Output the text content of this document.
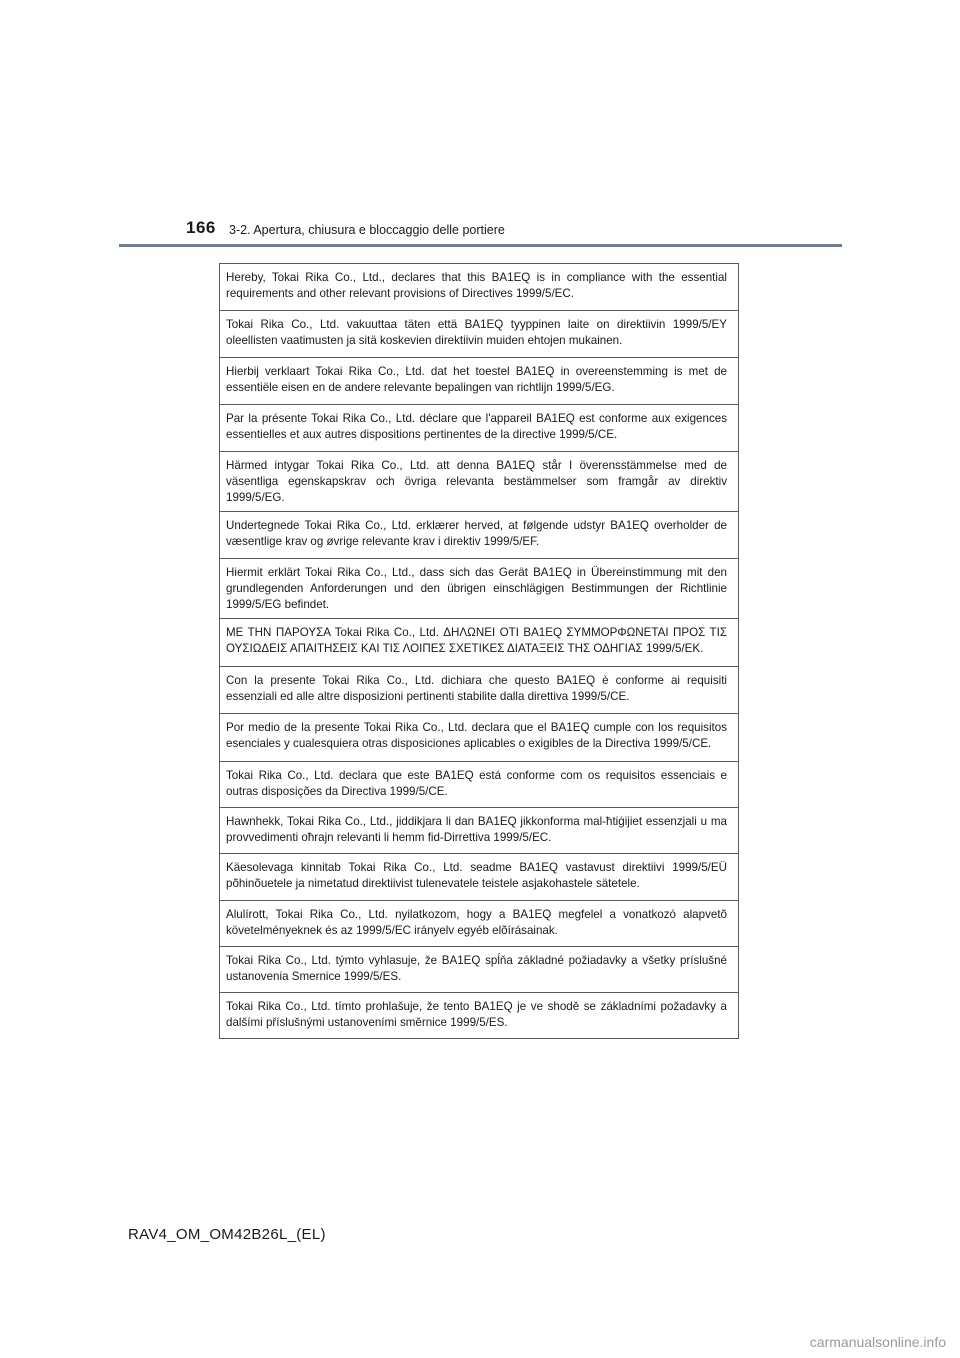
166 3-2. Apertura, chiusura e bloccaggio delle portiere
Hereby, Tokai Rika Co., Ltd., declares that this BA1EQ is in compliance with the essential requirements and other relevant provisions of Directives 1999/5/EC.
Tokai Rika Co., Ltd. vakuuttaa täten että BA1EQ tyyppinen laite on direktiivin 1999/5/EY oleellisten vaatimusten ja sitä koskevien direktiivin muiden ehtojen mukainen.
Hierbij verklaart Tokai Rika Co., Ltd. dat het toestel BA1EQ in overeenstemming is met de essentiële eisen en de andere relevante bepalingen van richtlijn 1999/5/EG.
Par la présente Tokai Rika Co., Ltd. déclare que l'appareil BA1EQ est conforme aux exigences essentielles et aux autres dispositions pertinentes de la directive 1999/5/CE.
Härmed intygar Tokai Rika Co., Ltd. att denna BA1EQ står I överensstämmelse med de väsentliga egenskapskrav och övriga relevanta bestämmelser som framgår av direktiv 1999/5/EG.
Undertegnede Tokai Rika Co., Ltd. erklærer herved, at følgende udstyr BA1EQ overholder de væsentlige krav og øvrige relevante krav i direktiv 1999/5/EF.
Hiermit erklärt Tokai Rika Co., Ltd., dass sich das Gerät BA1EQ in Übereinstimmung mit den grundlegenden Anforderungen und den übrigen einschlägigen Bestimmungen der Richtlinie 1999/5/EG befindet.
ΜΕ ΤΗΝ ΠΑΡΟΥΣΑ Tokai Rika Co., Ltd. ΔΗΛΩΝΕΙ ΟΤΙ BA1EQ ΣΥΜΜΟΡΦΩΝΕΤΑΙ ΠΡΟΣ ΤΙΣ ΟΥΣΙΩΔΕΙΣ ΑΠΑΙΤΗΣΕΙΣ ΚΑΙ ΤΙΣ ΛΟΙΠΕΣ ΣΧΕΤΙΚΕΣ ΔΙΑΤΑΞΕΙΣ ΤΗΣ ΟΔΗΓΙΑΣ 1999/5/ΕΚ.
Con la presente Tokai Rika Co., Ltd. dichiara che questo BA1EQ è conforme ai requisiti essenziali ed alle altre disposizioni pertinenti stabilite dalla direttiva 1999/5/CE.
Por medio de la presente Tokai Rika Co., Ltd. declara que el BA1EQ cumple con los requisitos esenciales y cualesquiera otras disposiciones aplicables o exigibles de la Directiva 1999/5/CE.
Tokai Rika Co., Ltd. declara que este BA1EQ está conforme com os requisitos essenciais e outras disposições da Directiva 1999/5/CE.
Hawnhekk, Tokai Rika Co., Ltd., jiddikjara li dan BA1EQ jikkonforma mal-ħtiġijiet essenzjali u ma provvedimenti oħrajn relevanti li hemm fid-Dirrettiva 1999/5/EC.
Käesolevaga kinnitab Tokai Rika Co., Ltd. seadme BA1EQ vastavust direktiivi 1999/5/EÜ põhinõuetele ja nimetatud direktiivist tulenevatele teistele asjakohastele sätetele.
Alulírott, Tokai Rika Co., Ltd. nyilatkozom, hogy a BA1EQ megfelel a vonatkozó alapvetõ követelményeknek és az 1999/5/EC irányelv egyéb elõírásainak.
Tokai Rika Co., Ltd. týmto vyhlasuje, že BA1EQ spĺňa základné požiadavky a všetky príslušné ustanovenia Smernice 1999/5/ES.
Tokai Rika Co., Ltd. tímto prohlašuje, že tento BA1EQ je ve shodě se základními požadavky a dalšími příslušnými ustanoveními směrnice 1999/5/ES.
RAV4_OM_OM42B26L_(EL)
carmanualsonline.info
